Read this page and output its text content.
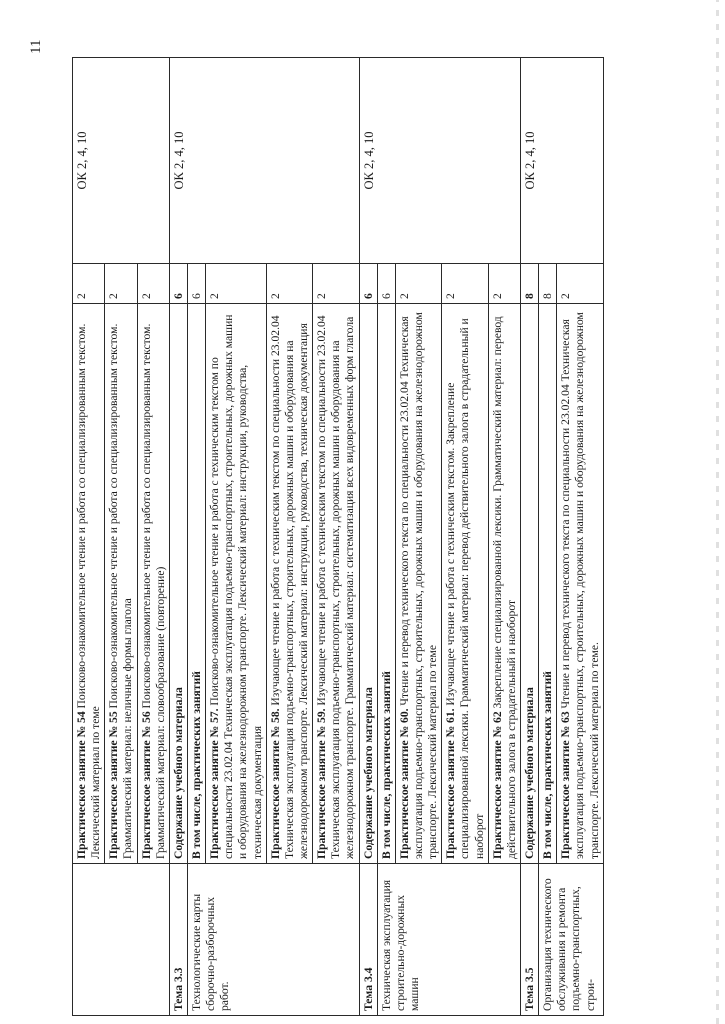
11
	Практическое занятие № 54 Поисково-ознакомительное чтение и работа со специализированным текстом. Лексический материал по теме	2	ОК 2, 4, 10
	Практическое занятие № 55 Поисково-ознакомительное чтение и работа со специализированным текстом. Грамматический материал: неличные формы глагола	2	
	Практическое занятие № 56 Поисково-ознакомительное чтение и работа со специализированным текстом. Грамматический материал: словообразование (повторение)	2	
Тема 3.3	Содержание учебного материала	6	ОК 2, 4, 10
Технологические карты сборочно-разборочных работ.	В том числе, практических занятий	6	
	Практическое занятие № 57. Поисково-ознакомительное чтение и работа с техническим текстом по специальности 23.02.04 Техническая эксплуатация подъемно-транспортных, строительных, дорожных машин и оборудования на железнодорожном транспорте. Лексический материал: инструкции, руководства, техническая документация	2	
	Практическое занятие № 58. Изучающее чтение и работа с техническим текстом по специальности 23.02.04 Техническая эксплуатация подъемно-транспортных, строительных, дорожных машин и оборудования на железнодорожном транспорте. Лексический материал: инструкции, руководства, техническая документация	2	
	Практическое занятие № 59. Изучающее чтение и работа с техническим текстом по специальности 23.02.04 Техническая эксплуатация подъемно-транспортных, строительных, дорожных машин и оборудования на железнодорожном транспорте. Грамматический материал: систематизация всех видовременных форм глагола	2	
Тема 3.4	Содержание учебного материала	6	ОК 2, 4, 10
Техническая эксплуатация строительно-дорожных машин	В том числе, практических занятий	6	
	Практическое занятие № 60. Чтение и перевод технического текста по специальности 23.02.04 Техническая эксплуатация подъемно-транспортных, строительных, дорожных машин и оборудования на железнодорожном транспорте. Лексический материал по теме	2	
	Практическое занятие № 61. Изучающее чтение и работа с техническим текстом. Закрепление специализированной лексики. Грамматический материал: перевод действительного залога в страдательный и наоборот	2	
	Практическое занятие № 62 Закрепление специализированной лексики. Грамматический материал: перевод действительного залога в страдательный и наоборот	2	
Тема 3.5	Содержание учебного материала	8	ОК 2, 4, 10
Организация технического обслуживания и ремонта подъемно-транспортных, строи-	В том числе, практических занятий	8	
	Практическое занятие № 63 Чтение и перевод технического текста по специальности 23.02.04 Техническая эксплуатация подъемно-транспортных, строительных, дорожных машин и оборудования на железнодорожном транспорте. Лексический материал по теме.	2	
